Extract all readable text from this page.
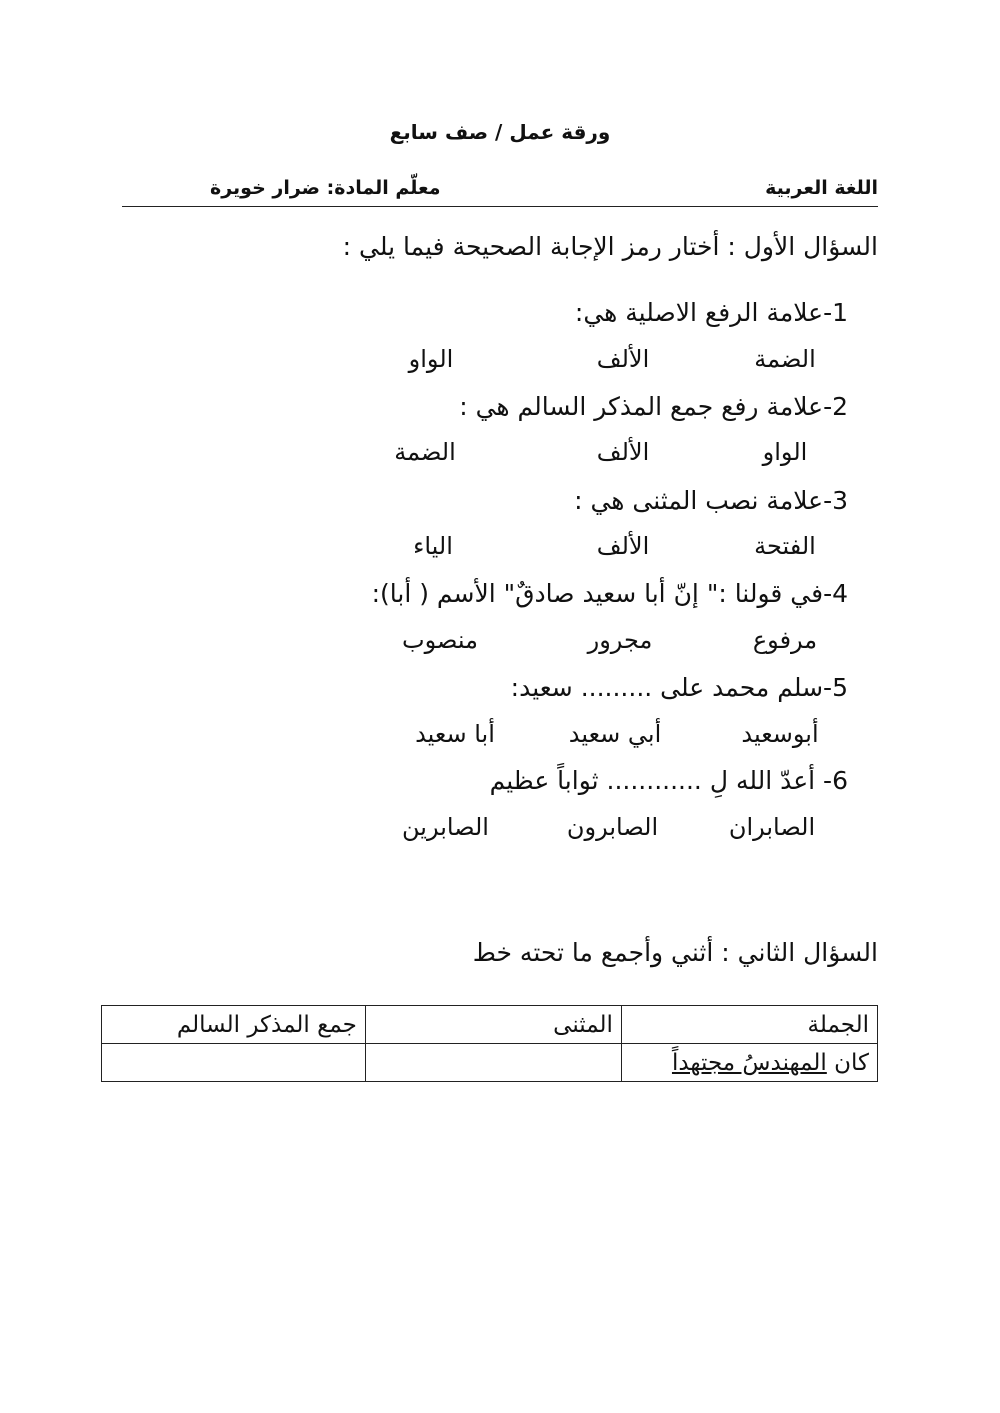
ورقة عمل / صف سابع
اللغة العربية
معلّم المادة: ضرار خويرة
السؤال الأول : أختار رمز الإجابة الصحيحة فيما يلي :
1-علامة الرفع الاصلية هي:
الضمة
الألف
الواو
2-علامة رفع جمع المذكر السالم هي :
الواو
الألف
الضمة
3-علامة نصب المثنى هي :
الفتحة
الألف
الياء
4-في قولنا :" إنّ أبا سعيد صادقٌ" الأسم ( أبا):
مرفوع
مجرور
منصوب
5-سلم محمد على ......... سعيد:
أبوسعيد
أبي سعيد
أبا سعيد
6- أعدّ الله لِ ............ ثواباً عظيم
الصابران
الصابرون
الصابرين
السؤال الثاني : أثني وأجمع ما تحته خط
الجملة	المثنى	جمع المذكر السالم
كان المهندسُ مجتهداً		
